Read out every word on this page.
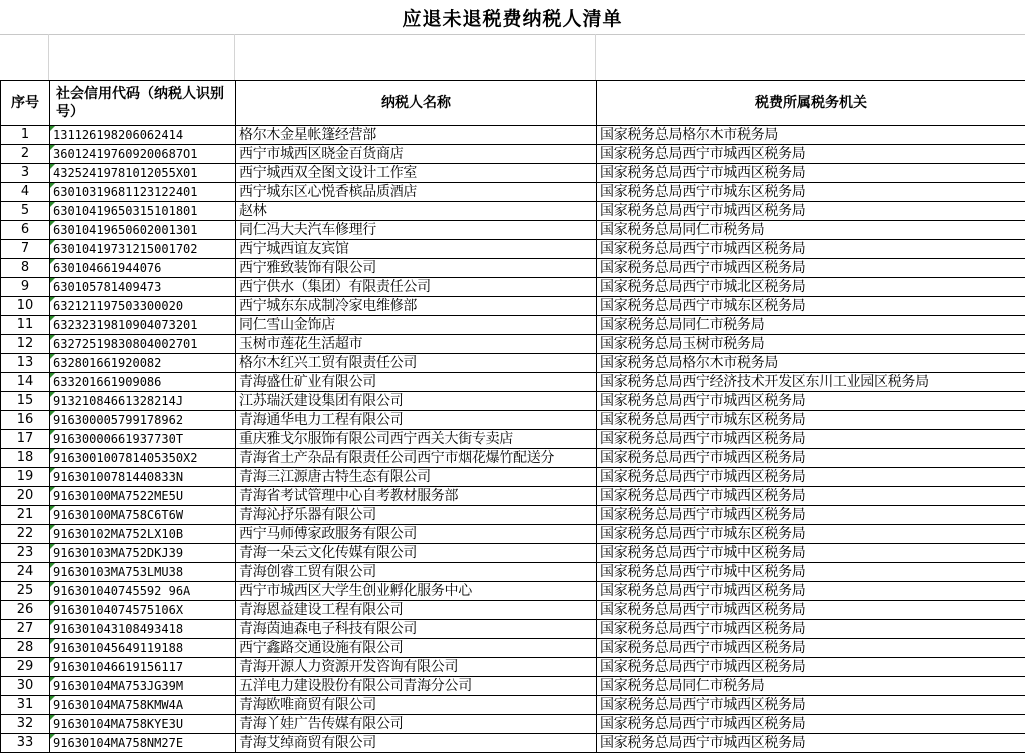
应退未退税费纳税人清单
序号	社会信用代码（纳税人识别号）	纳税人名称	税费所属税务机关
1	131126198206062414	格尔木金星帐篷经营部	国家税务总局格尔木市税务局
2	360124197609200687O1	西宁市城西区晓金百货商店	国家税务总局西宁市城西区税务局
3	43252419781012055X01	西宁城西双全图文设计工作室	国家税务总局西宁市城西区税务局
4	63010319681123122401	西宁城东区心悦香槟品质酒店	国家税务总局西宁市城东区税务局
5	63010419650315101801	赵林	国家税务总局西宁市城西区税务局
6	63010419650602001301	同仁冯大夫汽车修理行	国家税务总局同仁市税务局
7	63010419731215001702	西宁城西谊友宾馆	国家税务总局西宁市城西区税务局
8	630104661944076	西宁雅致装饰有限公司	国家税务总局西宁市城西区税务局
9	630105781409473	西宁供水（集团）有限责任公司	国家税务总局西宁市城北区税务局
10	632121197503300020	西宁城东东成制冷家电维修部	国家税务总局西宁市城东区税务局
11	63232319810904073201	同仁雪山金饰店	国家税务总局同仁市税务局
12	63272519830804002701	玉树市莲花生活超市	国家税务总局玉树市税务局
13	632801661920082	格尔木红兴工贸有限责任公司	国家税务总局格尔木市税务局
14	633201661909086	青海盛仕矿业有限公司	国家税务总局西宁经济技术开发区东川工业园区税务局
15	91321084661328214J	江苏瑞沃建设集团有限公司	国家税务总局西宁市城西区税务局
16	916300005799178962	青海通华电力工程有限公司	国家税务总局西宁市城东区税务局
17	91630000661937730T	重庆雅戈尔服饰有限公司西宁西关大街专卖店	国家税务总局西宁市城西区税务局
18	916300100781405350X2	青海省土产杂品有限责任公司西宁市烟花爆竹配送分	国家税务总局西宁市城西区税务局
19	91630100781440833N	青海三江源唐古特生态有限公司	国家税务总局西宁市城西区税务局
20	91630100MA7522ME5U	青海省考试管理中心自考教材服务部	国家税务总局西宁市城西区税务局
21	91630100MA758C6T6W	青海沁抒乐器有限公司	国家税务总局西宁市城西区税务局
22	91630102MA752LX10B	西宁马师傅家政服务有限公司	国家税务总局西宁市城东区税务局
23	91630103MA752DKJ39	青海一朵云文化传媒有限公司	国家税务总局西宁市城中区税务局
24	91630103MA753LMU38	青海创睿工贸有限公司	国家税务总局西宁市城中区税务局
25	916301040745592 96A	西宁市城西区大学生创业孵化服务中心	国家税务总局西宁市城西区税务局
26	91630104074575106X	青海恩益建设工程有限公司	国家税务总局西宁市城西区税务局
27	916301043108493418	青海茵迪森电子科技有限公司	国家税务总局西宁市城西区税务局
28	916301045649119188	西宁鑫路交通设施有限公司	国家税务总局西宁市城西区税务局
29	916301046619156117	青海开源人力资源开发咨询有限公司	国家税务总局西宁市城西区税务局
30	91630104MA753JG39M	五洋电力建设股份有限公司青海分公司	国家税务总局同仁市税务局
31	91630104MA758KMW4A	青海欧唯商贸有限公司	国家税务总局西宁市城西区税务局
32	91630104MA758KYE3U	青海丫娃广告传媒有限公司	国家税务总局西宁市城西区税务局
33	91630104MA758NM27E	青海艾绰商贸有限公司	国家税务总局西宁市城西区税务局
